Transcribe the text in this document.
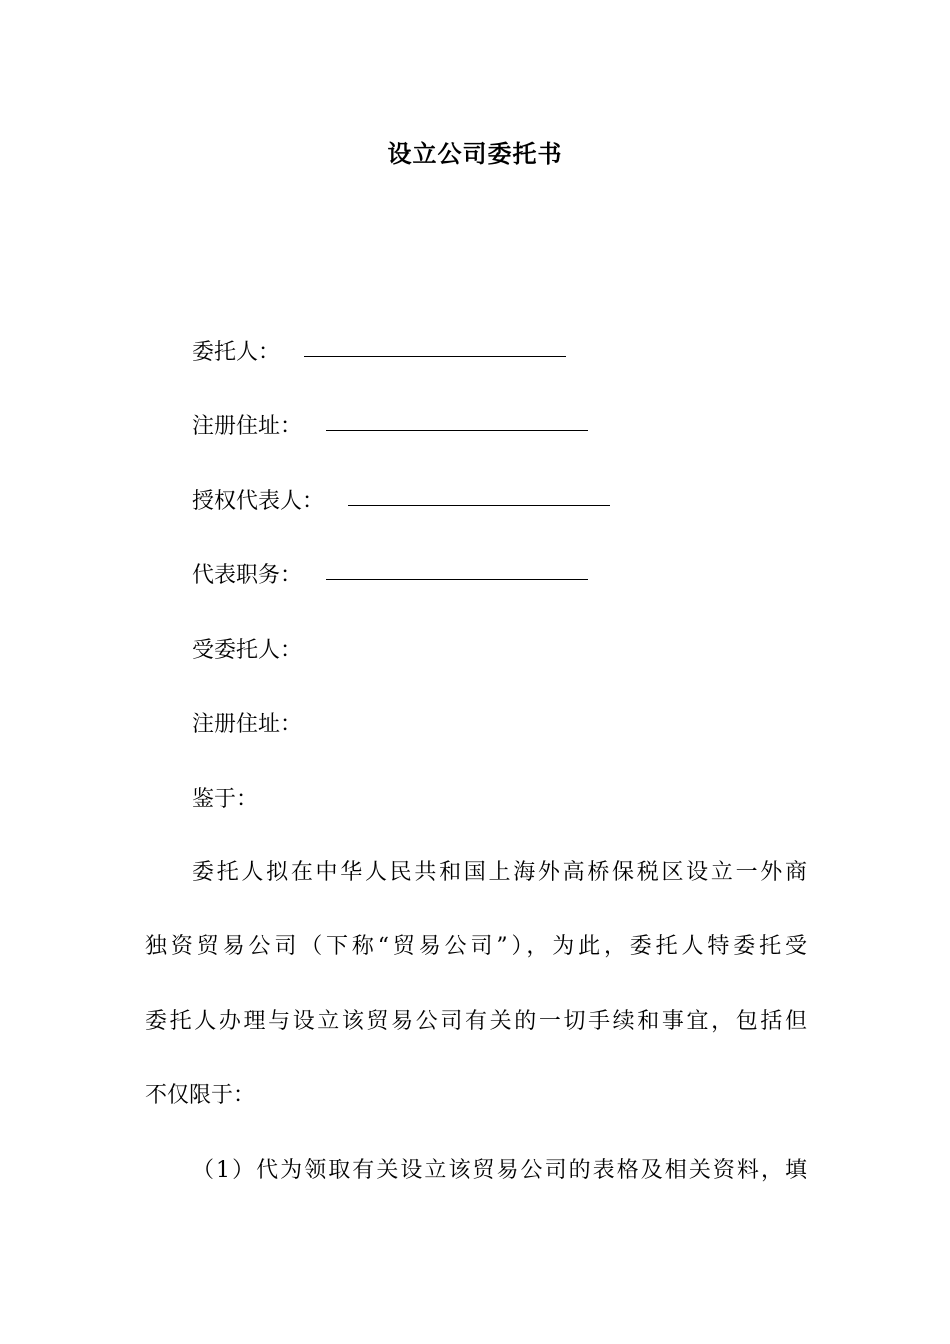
设立公司委托书
委托人：
注册住址：
授权代表人：
代表职务：
受委托人：
注册住址：
鉴于：
委托人拟在中华人民共和国上海外高桥保税区设立一外商
独资贸易公司（下称“贸易公司”），为此，委托人特委托受
委托人办理与设立该贸易公司有关的一切手续和事宜，包括但
不仅限于：
（1）代为领取有关设立该贸易公司的表格及相关资料，填
